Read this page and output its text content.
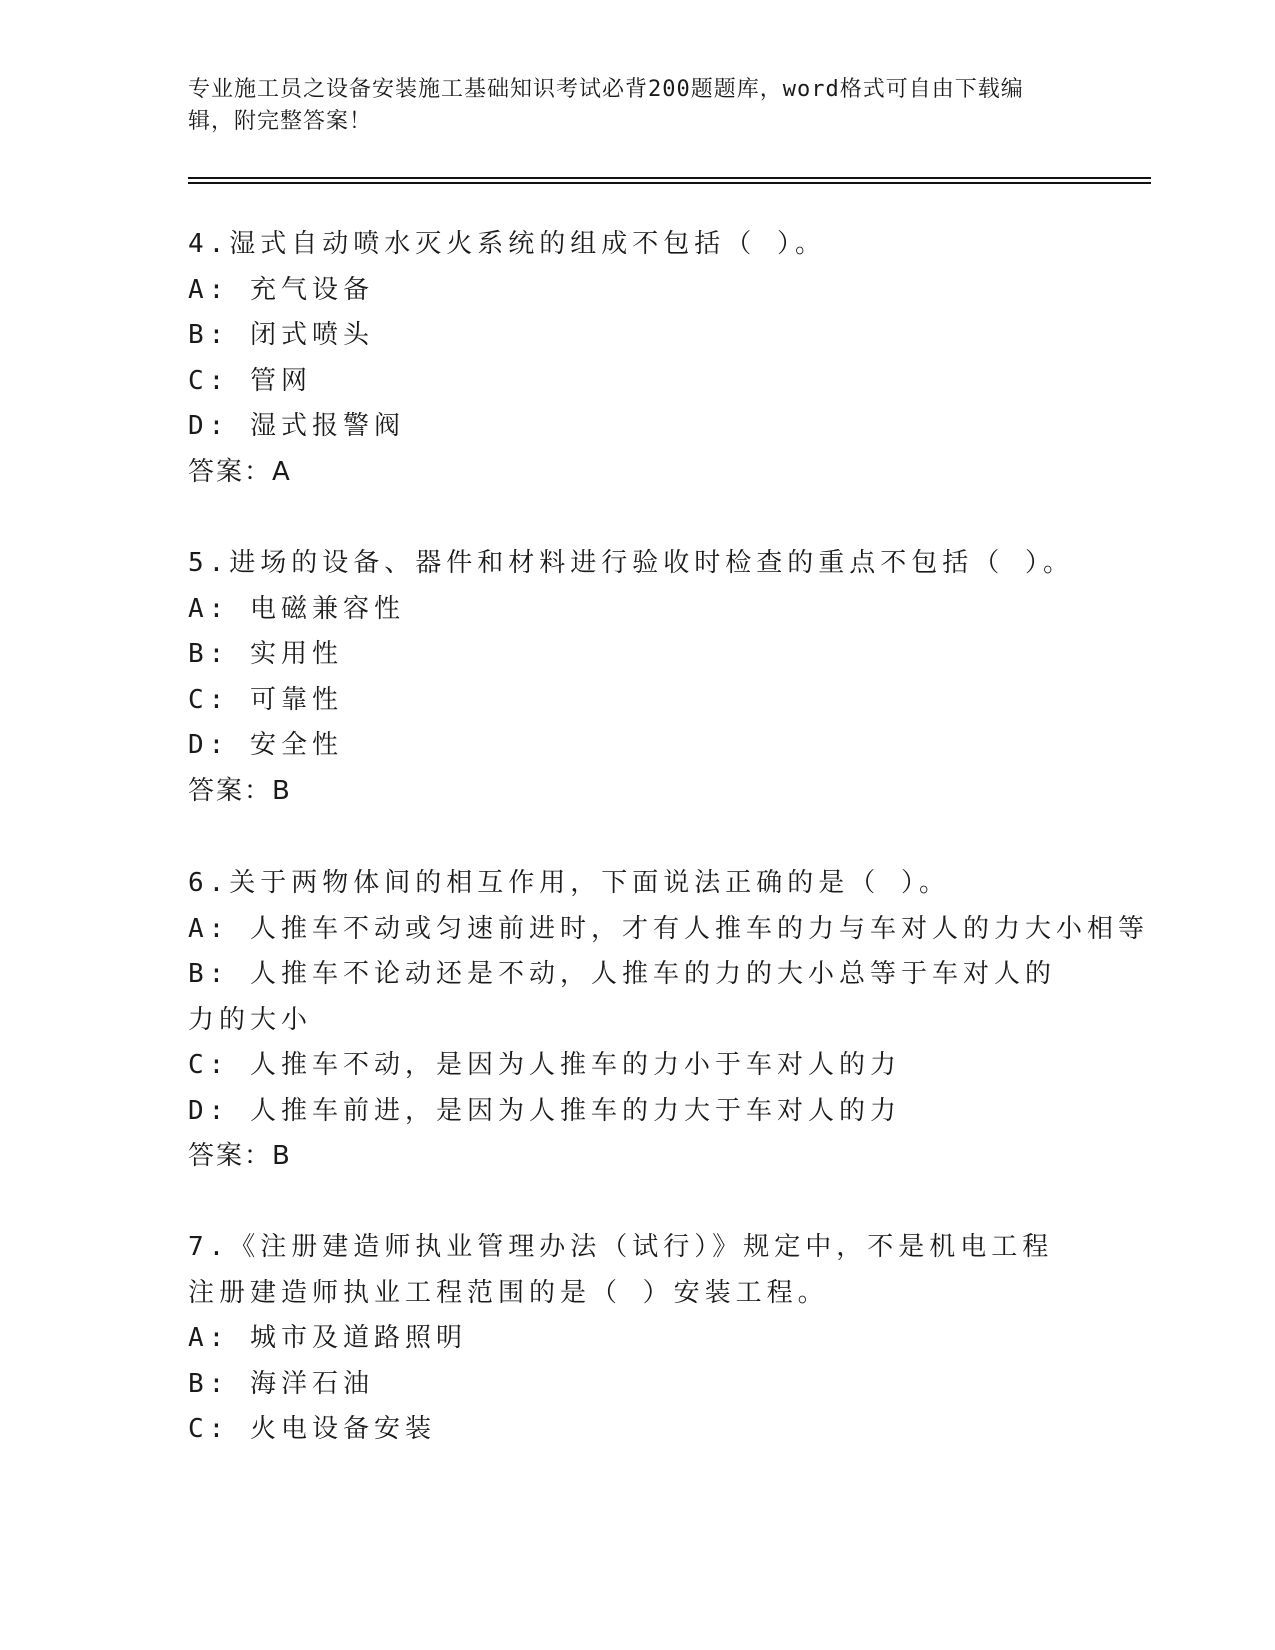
专业施工员之设备安装施工基础知识考试必背200题题库，word格式可自由下载编辑，附完整答案！
4.湿式自动喷水灭火系统的组成不包括（ ）。
A: 充气设备
B: 闭式喷头
C: 管网
D: 湿式报警阀
答案：A
5.进场的设备、器件和材料进行验收时检查的重点不包括（ ）。
A: 电磁兼容性
B: 实用性
C: 可靠性
D: 安全性
答案：B
6.关于两物体间的相互作用，下面说法正确的是（ ）。
A: 人推车不动或匀速前进时，才有人推车的力与车对人的力大小相等
B: 人推车不论动还是不动，人推车的力的大小总等于车对人的力的大小
C: 人推车不动，是因为人推车的力小于车对人的力
D: 人推车前进，是因为人推车的力大于车对人的力
答案：B
7.《注册建造师执业管理办法（试行）》规定中，不是机电工程注册建造师执业工程范围的是（ ）安装工程。
A: 城市及道路照明
B: 海洋石油
C: 火电设备安装
